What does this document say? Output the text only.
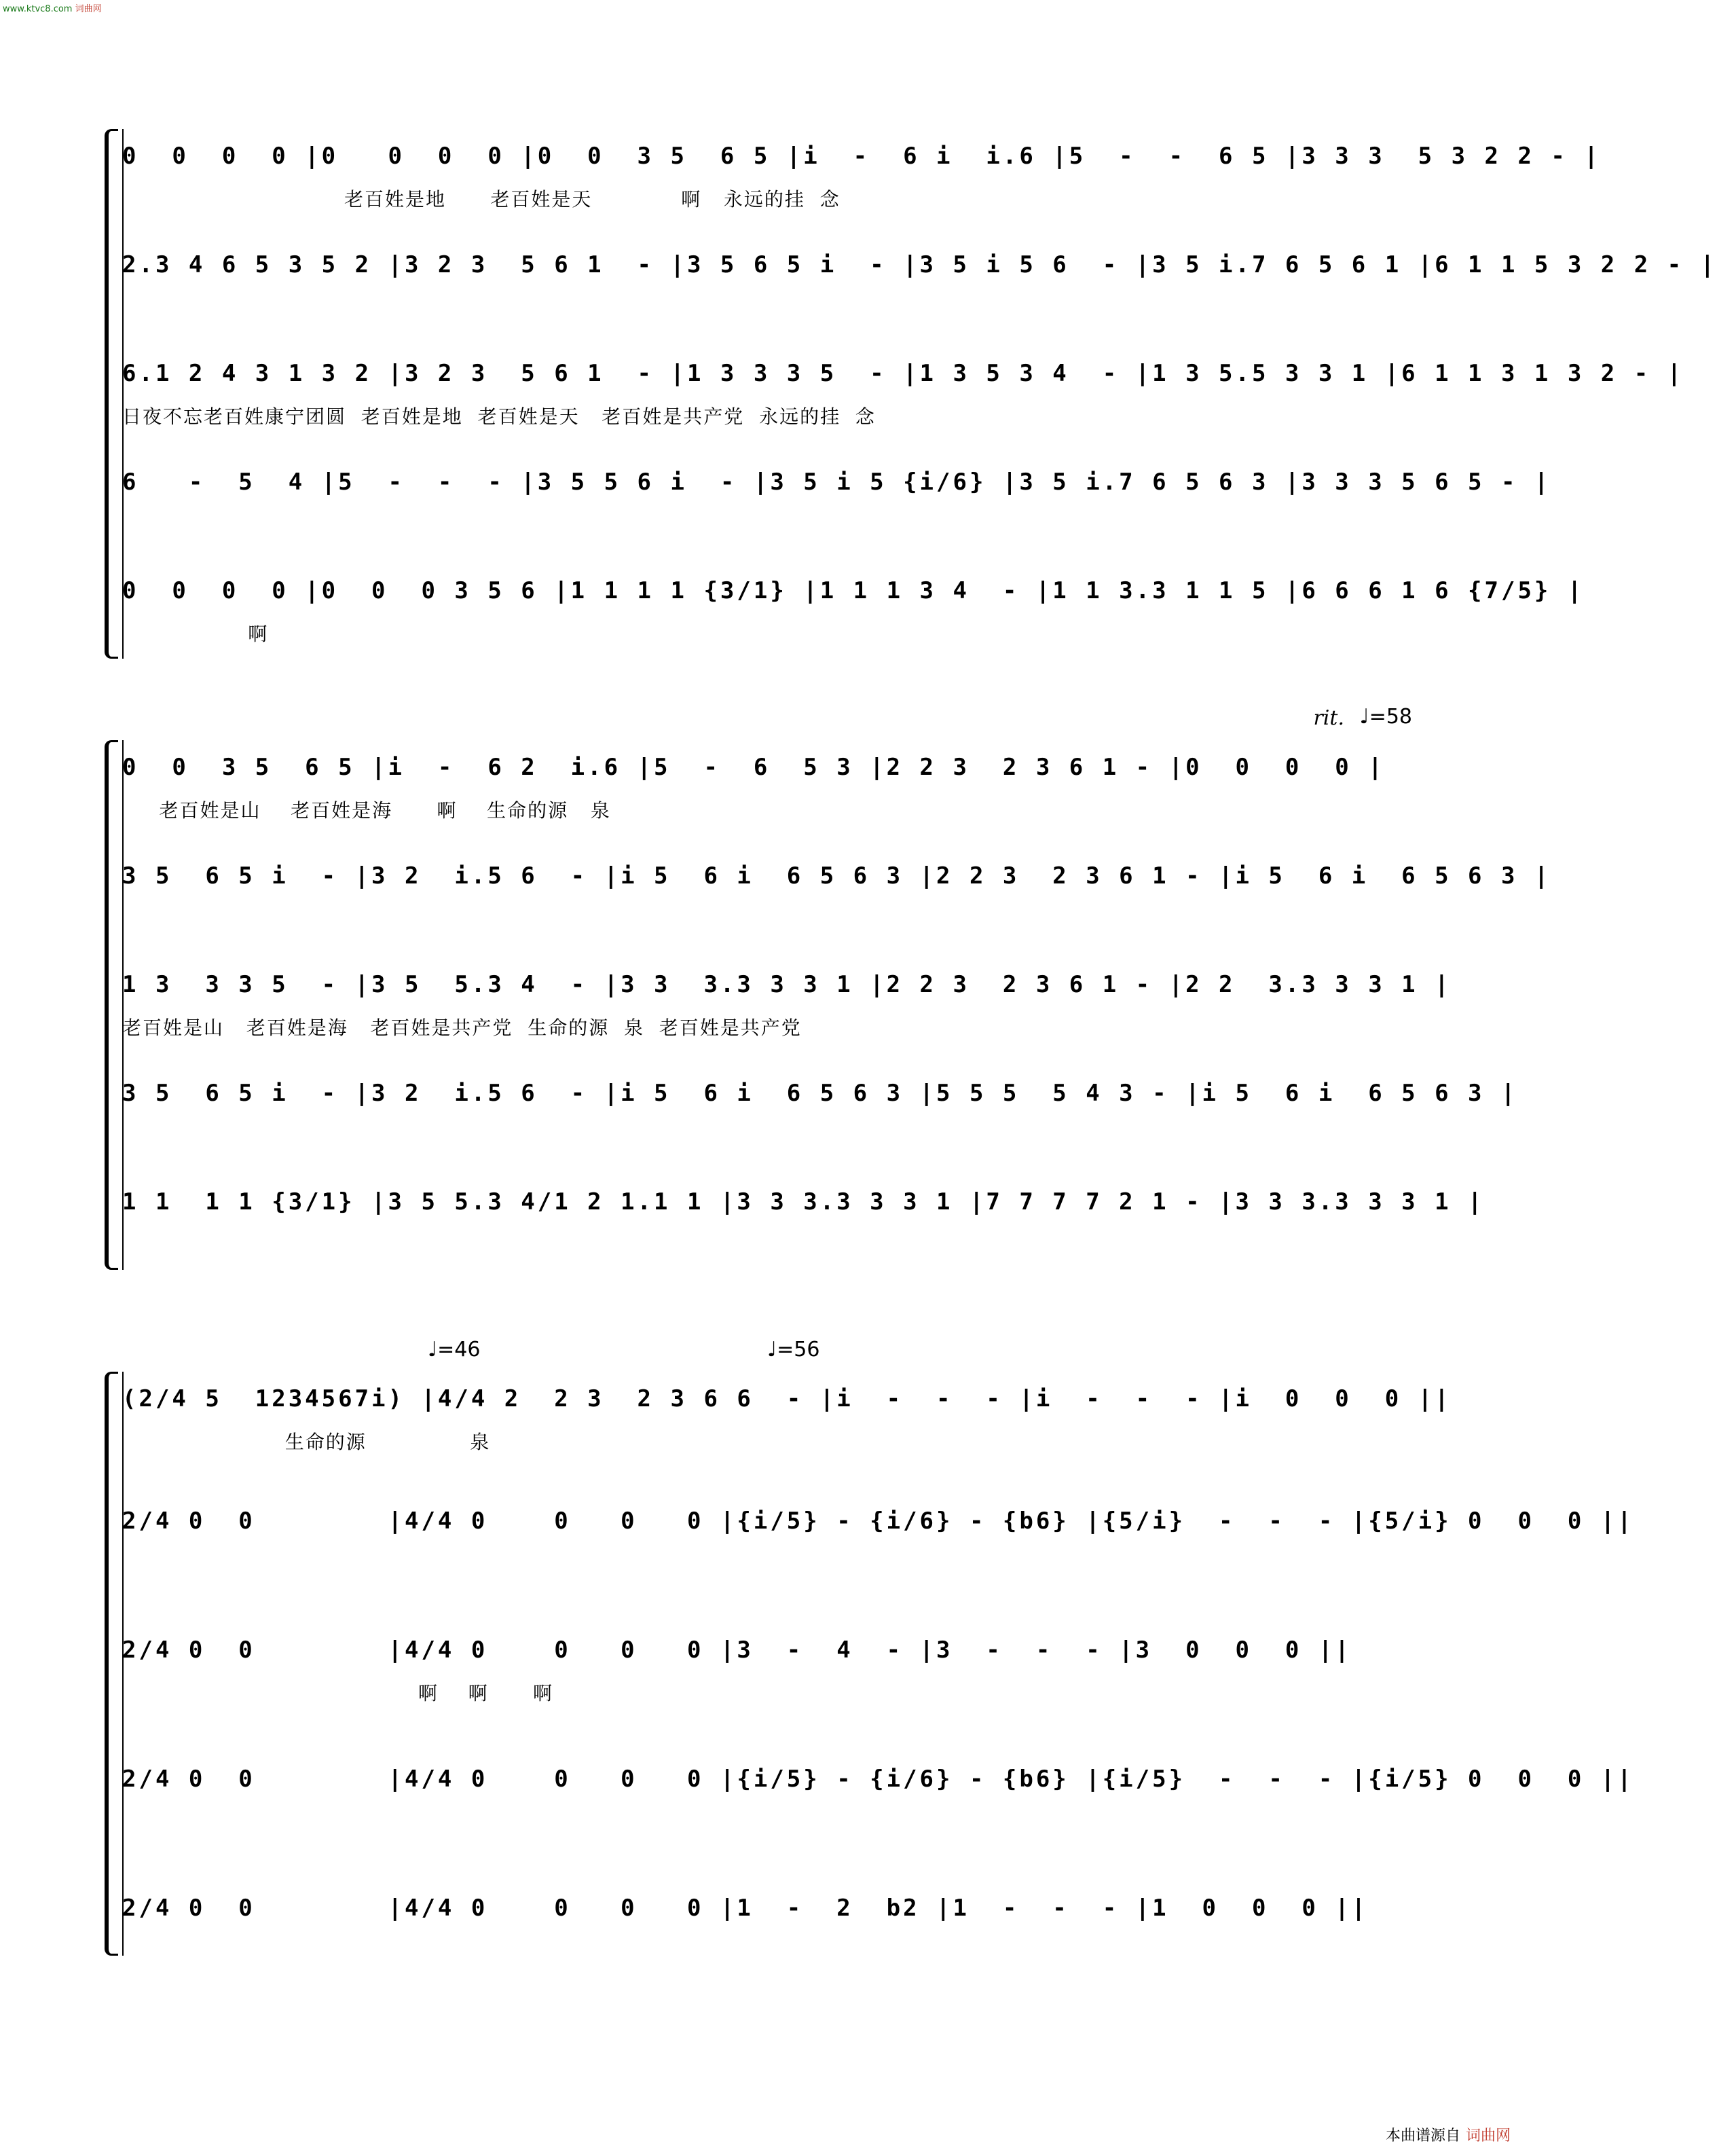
www.ktvc8.com 词曲网
0  0  0  0 |0   0  0  0 |0  0  3 5  6 5 |i  -  6 i  i.6 |5  -  -  6 5 |3 3 3  5 3 2 2 - |
老百姓是地      老百姓是天            啊   永远的挂  念
2.3 4 6 5 3 5 2 |3 2 3  5 6 1  - |3 5 6 5 i  - |3 5 i 5 6  - |3 5 i.7 6 5 6 1 |6 1 1 5 3 2 2 - |
6.1 2 4 3 1 3 2 |3 2 3  5 6 1  - |1 3 3 3 5  - |1 3 5 3 4  - |1 3 5.5 3 3 1 |6 1 1 3 1 3 2 - |
日夜不忘老百姓康宁团圆  老百姓是地  老百姓是天   老百姓是共产党  永远的挂  念
6   -  5  4 |5  -  -  - |3 5 5 6 i  - |3 5 i 5 {i/6} |3 5 i.7 6 5 6 3 |3 3 3 5 6 5 - |
0  0  0  0 |0  0  0 3 5 6 |1 1 1 1 {3/1} |1 1 1 3 4  - |1 1 3.3 1 1 5 |6 6 6 1 6 {7/5} |
啊
rit. ♩=58
0  0  3 5  6 5 |i  -  6 2  i.6 |5  -  6  5 3 |2 2 3  2 3 6 1 - |0  0  0  0 |
老百姓是山    老百姓是海      啊    生命的源   泉
3 5  6 5 i  - |3 2  i.5 6  - |i 5  6 i  6 5 6 3 |2 2 3  2 3 6 1 - |i 5  6 i  6 5 6 3 |
1 3  3 3 5  - |3 5  5.3 4  - |3 3  3.3 3 3 1 |2 2 3  2 3 6 1 - |2 2  3.3 3 3 1 |
老百姓是山   老百姓是海   老百姓是共产党  生命的源  泉  老百姓是共产党
3 5  6 5 i  - |3 2  i.5 6  - |i 5  6 i  6 5 6 3 |5 5 5  5 4 3 - |i 5  6 i  6 5 6 3 |
1 1  1 1 {3/1} |3 5 5.3 4/1 2 1.1 1 |3 3 3.3 3 3 1 |7 7 7 7 2 1 - |3 3 3.3 3 3 1 |
♩=46	♩=56
(2/4 5  1234567i) |4/4 2  2 3  2 3 6 6  - |i  -  -  - |i  -  -  - |i  0  0  0 ||
生命的源              泉
2/4 0  0        |4/4 0    0   0   0 |{i/5} - {i/6} - {b6} |{5/i}  -  -  - |{5/i} 0  0  0 ||
2/4 0  0        |4/4 0    0   0   0 |3  -  4  - |3  -  -  - |3  0  0  0 ||
啊    啊      啊
2/4 0  0        |4/4 0    0   0   0 |{i/5} - {i/6} - {b6} |{i/5}  -  -  - |{i/5} 0  0  0 ||
2/4 0  0        |4/4 0    0   0   0 |1  -  2  b2 |1  -  -  - |1  0  0  0 ||
本曲谱源自 词曲网
